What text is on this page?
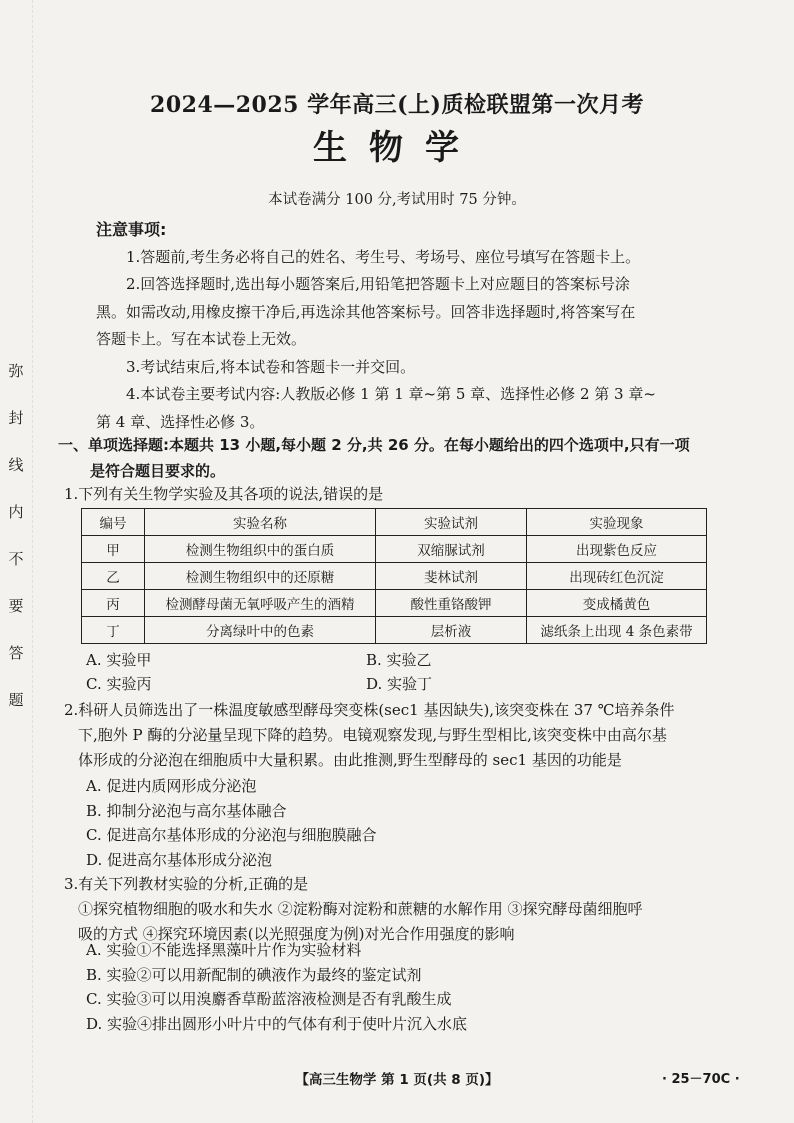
弥
封
线
内
不
要
答
题
2024—2025 学年高三(上)质检联盟第一次月考
生物学
本试卷满分 100 分,考试用时 75 分钟。
注意事项:

1.答题前,考生务必将自己的姓名、考生号、考场号、座位号填写在答题卡上。

2.回答选择题时,选出每小题答案后,用铅笔把答题卡上对应题目的答案标号涂

黑。如需改动,用橡皮擦干净后,再选涂其他答案标号。回答非选择题时,将答案写在

答题卡上。写在本试卷上无效。

3.考试结束后,将本试卷和答题卡一并交回。

4.本试卷主要考试内容:人教版必修 1 第 1 章~第 5 章、选择性必修 2 第 3 章~

第 4 章、选择性必修 3。

一、单项选择题:本题共 13 小题,每小题 2 分,共 26 分。在每小题给出的四个选项中,只有一项
是符合题目要求的。
1.下列有关生物学实验及其各项的说法,错误的是
编号	实验名称	实验试剂	实验现象
甲	检测生物组织中的蛋白质	双缩脲试剂	出现紫色反应
乙	检测生物组织中的还原糖	斐林试剂	出现砖红色沉淀
丙	检测酵母菌无氧呼吸产生的酒精	酸性重铬酸钾	变成橘黄色
丁	分离绿叶中的色素	层析液	滤纸条上出现 4 条色素带
A. 实验甲	B. 实验乙
C. 实验丙	D. 实验丁
2.科研人员筛选出了一株温度敏感型酵母突变株(sec1 基因缺失),该突变株在 37 ℃培养条件
下,胞外 P 酶的分泌量呈现下降的趋势。电镜观察发现,与野生型相比,该突变株中由高尔基
体形成的分泌泡在细胞质中大量积累。由此推测,野生型酵母的 sec1 基因的功能是
A. 促进内质网形成分泌泡
B. 抑制分泌泡与高尔基体融合
C. 促进高尔基体形成的分泌泡与细胞膜融合
D. 促进高尔基体形成分泌泡
3.有关下列教材实验的分析,正确的是
①探究植物细胞的吸水和失水 ②淀粉酶对淀粉和蔗糖的水解作用 ③探究酵母菌细胞呼
吸的方式 ④探究环境因素(以光照强度为例)对光合作用强度的影响
A. 实验①不能选择黑藻叶片作为实验材料
B. 实验②可以用新配制的碘液作为最终的鉴定试剂
C. 实验③可以用溴麝香草酚蓝溶液检测是否有乳酸生成
D. 实验④排出圆形小叶片中的气体有利于使叶片沉入水底
【高三生物学 第 1 页(共 8 页)】	· 25－70C ·
